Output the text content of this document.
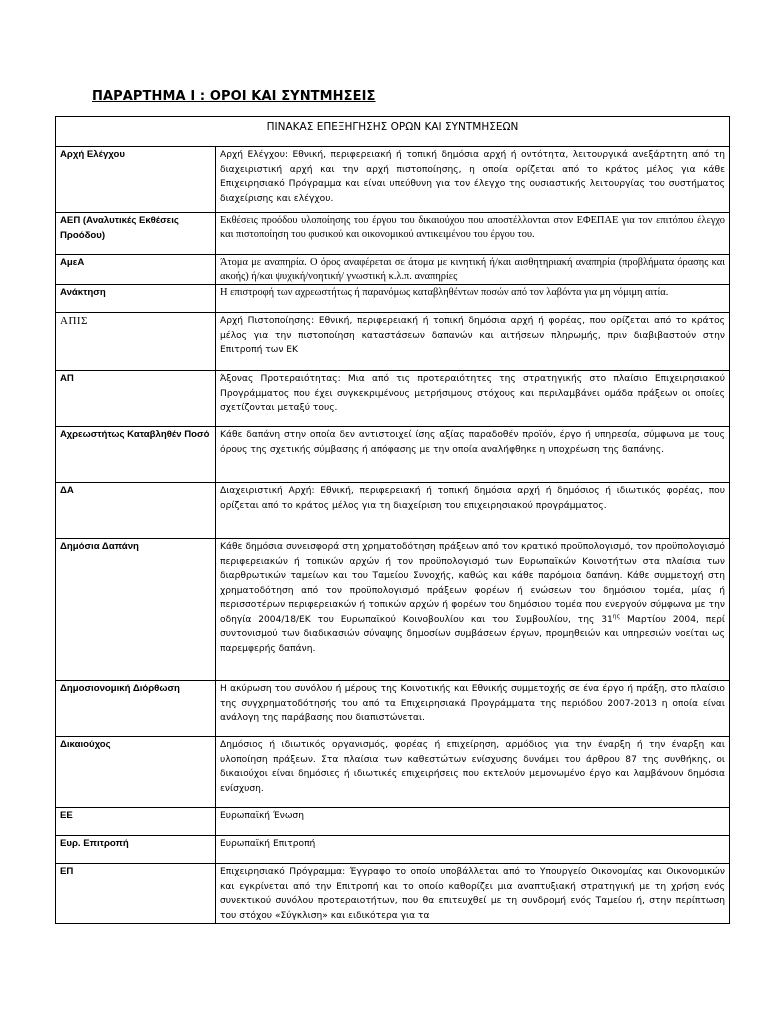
ΠΑΡΑΡΤΗΜΑ Ι : ΟΡΟΙ ΚΑΙ ΣΥΝΤΜΗΣΕΙΣ
ΠΙΝΑΚΑΣ ΕΠΕΞΗΓΗΣΗΣ ΟΡΩΝ ΚΑΙ ΣΥΝΤΜΗΣΕΩΝ	
Αρχή Ελέγχου	Αρχή Ελέγχου: Εθνική, περιφερειακή ή τοπική δημόσια αρχή ή οντότητα, λειτουργικά ανεξάρτητη από τη διαχειριστική αρχή και την αρχή πιστοποίησης, η οποία ορίζεται από το κράτος μέλος για κάθε Επιχειρησιακό Πρόγραμμα και είναι υπεύθυνη για τον έλεγχο της ουσιαστικής λειτουργίας του συστήματος διαχείρισης και ελέγχου.
ΑΕΠ (Αναλυτικές Εκθέσεις Προόδου)	Εκθέσεις προόδου υλοποίησης του έργου του δικαιούχου που αποστέλλονται στον ΕΦΕΠΑΕ για τον επιτόπου έλεγχο και πιστοποίηση του φυσικού και οικονομικού αντικειμένου του έργου του.
ΑμεΑ	Άτομα με αναπηρία. Ο όρος αναφέρεται σε άτομα με κινητική ή/και αισθητηριακή αναπηρία (προβλήματα όρασης και ακοής) ή/και ψυχική/νοητική/ γνωστική κ.λ.π. αναπηρίες
Ανάκτηση	Η επιστροφή των αχρεωστήτως ή παρανόμως καταβληθέντων ποσών από τον λαβόντα για μη νόμιμη αιτία.
ΑΠΙΣ	Αρχή Πιστοποίησης: Εθνική, περιφερειακή ή τοπική δημόσια αρχή ή φορέας, που ορίζεται από το κράτος μέλος για την πιστοποίηση καταστάσεων δαπανών και αιτήσεων πληρωμής, πριν διαβιβαστούν στην Επιτροπή των ΕΚ
ΑΠ	Άξονας Προτεραιότητας: Μια από τις προτεραιότητες της στρατηγικής στο πλαίσιο Επιχειρησιακού Προγράμματος που έχει συγκεκριμένους μετρήσιμους στόχους και περιλαμβάνει ομάδα πράξεων οι οποίες σχετίζονται μεταξύ τους.
Αχρεωστήτως Καταβληθέν Ποσό	Κάθε δαπάνη στην οποία δεν αντιστοιχεί ίσης αξίας παραδοθέν προϊόν, έργο ή υπηρεσία, σύμφωνα με τους όρους της σχετικής σύμβασης ή απόφασης με την οποία αναλήφθηκε η υποχρέωση της δαπάνης.
ΔΑ	Διαχειριστική Αρχή: Εθνική, περιφερειακή ή τοπική δημόσια αρχή ή δημόσιος ή ιδιωτικός φορέας, που ορίζεται από το κράτος μέλος για τη διαχείριση του επιχειρησιακού προγράμματος.
Δημόσια Δαπάνη	Κάθε δημόσια συνεισφορά στη χρηματοδότηση πράξεων από τον κρατικό προϋπολογισμό, τον προϋπολογισμό περιφερειακών ή τοπικών αρχών ή τον προϋπολογισμό των Ευρωπαϊκών Κοινοτήτων στα πλαίσια των διαρθρωτικών ταμείων και του Ταμείου Συνοχής, καθώς και κάθε παρόμοια δαπάνη. Κάθε συμμετοχή στη χρηματοδότηση από τον προϋπολογισμό πράξεων φορέων ή ενώσεων του δημόσιου τομέα, μίας ή περισσοτέρων περιφερειακών ή τοπικών αρχών ή φορέων του δημόσιου τομέα που ενεργούν σύμφωνα με την οδηγία 2004/18/ΕΚ του Ευρωπαϊκού Κοινοβουλίου και του Συμβουλίου, της $31^{\eta\varsigma}$ Μαρτίου 2004, περί συντονισμού των διαδικασιών σύναψης δημοσίων συμβάσεων έργων, προμηθειών και υπηρεσιών νοείται ως παρεμφερής δαπάνη.
Δημοσιονομική Διόρθωση	Η ακύρωση του συνόλου ή μέρους της Κοινοτικής και Εθνικής συμμετοχής σε ένα έργο ή πράξη, στο πλαίσιο της συγχρηματοδότησής του από τα Επιχειρησιακά Προγράμματα της περιόδου 2007-2013 η οποία είναι ανάλογη της παράβασης που διαπιστώνεται.
Δικαιούχος	Δημόσιος ή ιδιωτικός οργανισμός, φορέας ή επιχείρηση, αρμόδιος για την έναρξη ή την έναρξη και υλοποίηση πράξεων. Στα πλαίσια των καθεστώτων ενίσχυσης δυνάμει του άρθρου 87 της συνθήκης, οι δικαιούχοι είναι δημόσιες ή ιδιωτικές επιχειρήσεις που εκτελούν μεμονωμένο έργο και λαμβάνουν δημόσια ενίσχυση.
ΕΕ	Ευρωπαϊκή Ένωση
Ευρ. Επιτροπή	Ευρωπαϊκή Επιτροπή
ΕΠ	Επιχειρησιακό Πρόγραμμα: Έγγραφο το οποίο υποβάλλεται από το Υπουργείο Οικονομίας και Οικονομικών και εγκρίνεται από την Επιτροπή και το οποίο καθορίζει μια αναπτυξιακή στρατηγική με τη χρήση ενός συνεκτικού συνόλου προτεραιοτήτων, που θα επιτευχθεί με τη συνδρομή ενός Ταμείου ή, στην περίπτωση του στόχου «Σύγκλιση» και ειδικότερα για τα
